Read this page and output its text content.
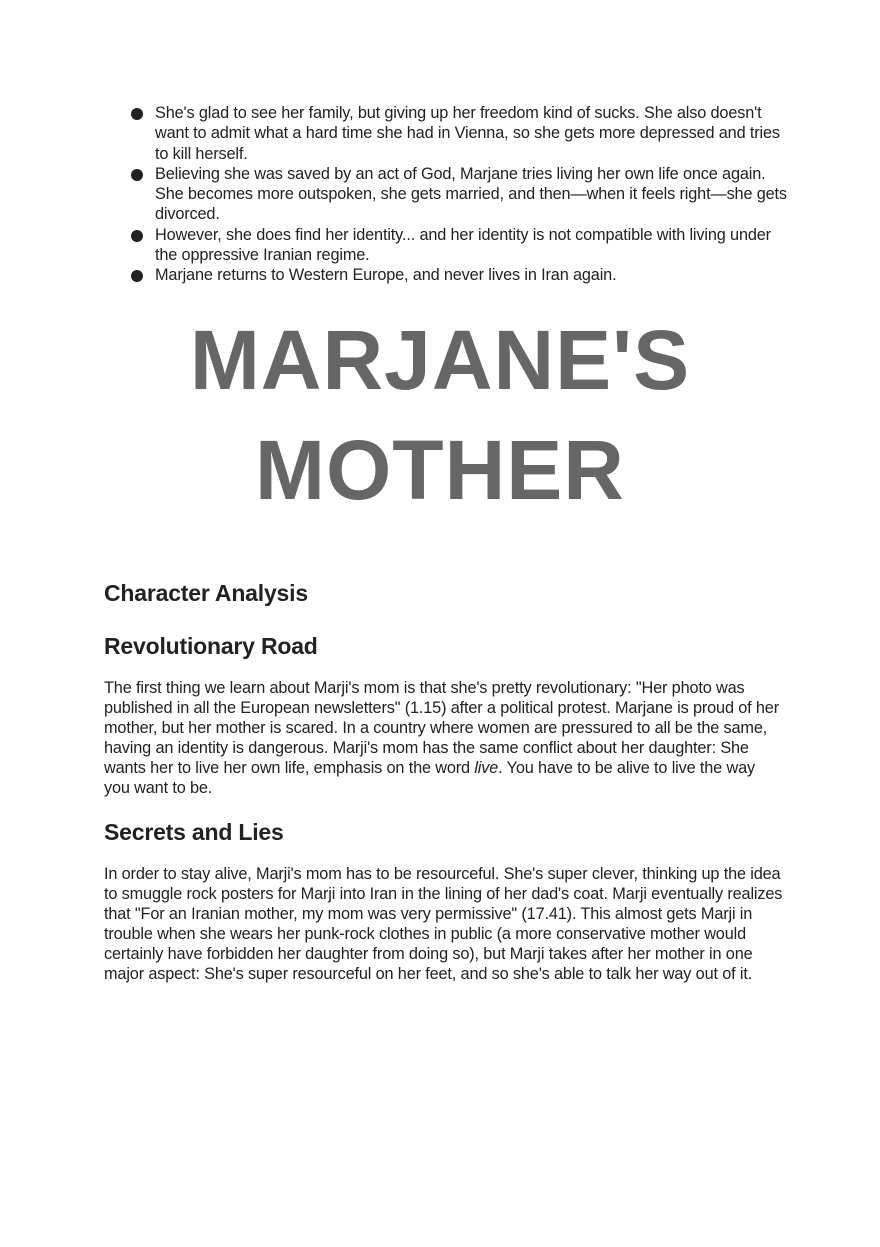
She's glad to see her family, but giving up her freedom kind of sucks. She also doesn't want to admit what a hard time she had in Vienna, so she gets more depressed and tries to kill herself.
Believing she was saved by an act of God, Marjane tries living her own life once again. She becomes more outspoken, she gets married, and then—when it feels right—she gets divorced.
However, she does find her identity... and her identity is not compatible with living under the oppressive Iranian regime.
Marjane returns to Western Europe, and never lives in Iran again.
MARJANE'S
MOTHER
Character Analysis
Revolutionary Road

The first thing we learn about Marji's mom is that she's pretty revolutionary: "Her photo was published in all the European newsletters" (1.15) after a political protest. Marjane is proud of her mother, but her mother is scared. In a country where women are pressured to all be the same, having an identity is dangerous. Marji's mom has the same conflict about her daughter: She wants her to live her own life, emphasis on the word live. You have to be alive to live the way you want to be.

Secrets and Lies

In order to stay alive, Marji's mom has to be resourceful. She's super clever, thinking up the idea to smuggle rock posters for Marji into Iran in the lining of her dad's coat. Marji eventually realizes that "For an Iranian mother, my mom was very permissive" (17.41). This almost gets Marji in trouble when she wears her punk-rock clothes in public (a more conservative mother would certainly have forbidden her daughter from doing so), but Marji takes after her mother in one major aspect: She's super resourceful on her feet, and so she's able to talk her way out of it.
